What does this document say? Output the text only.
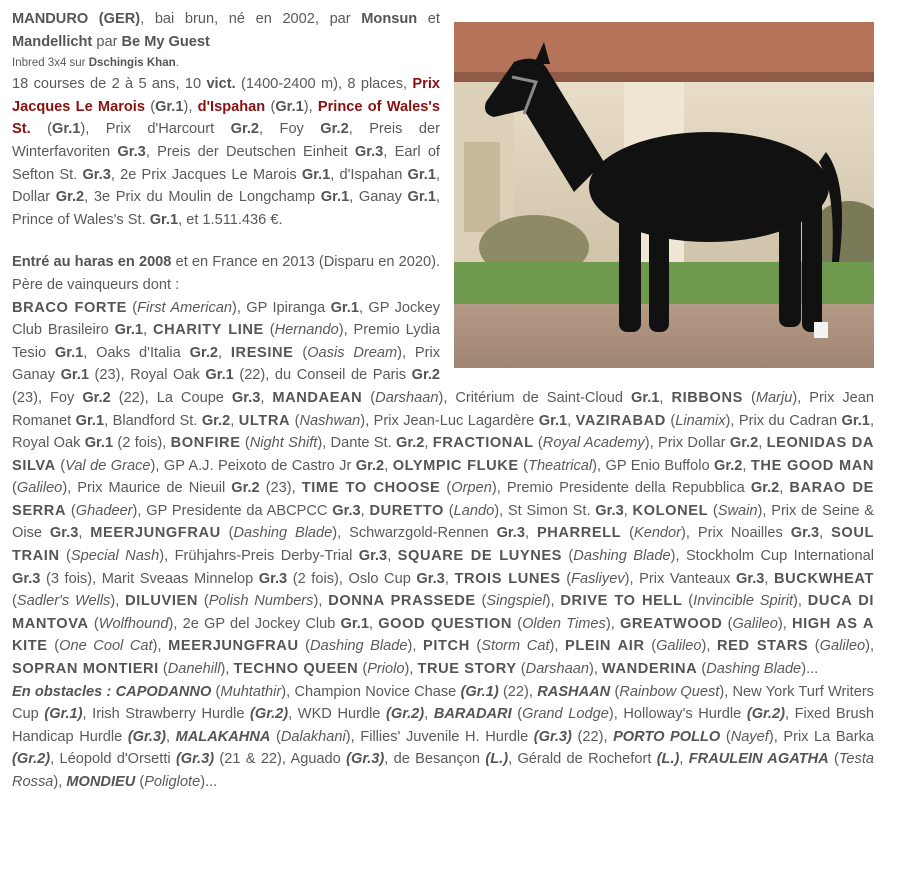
MANDURO (GER), bai brun, né en 2002, par Monsun et Mandellicht par Be My Guest

Inbred 3x4 sur Dschingis Khan.

18 courses de 2 à 5 ans, 10 vict. (1400-2400 m), 8 places, Prix Jacques Le Marois (Gr.1), d'Ispahan (Gr.1), Prince of Wales's St. (Gr.1), Prix d'Harcourt Gr.2, Foy Gr.2, Preis der Winterfavoriten Gr.3, Preis der Deutschen Einheit Gr.3, Earl of Sefton St. Gr.3, 2e Prix Jacques Le Marois Gr.1, d'Ispahan Gr.1, Dollar Gr.2, 3e Prix du Moulin de Longchamp Gr.1, Ganay Gr.1, Prince of Wales's St. Gr.1, et 1.511.436 €.

Entré au haras en 2008 et en France en 2013 (Disparu en 2020). Père de vainqueurs dont :

BRACO FORTE (First American), GP Ipiranga Gr.1, GP Jockey Club Brasileiro Gr.1, CHARITY LINE (Hernando), Premio Lydia Tesio Gr.1, Oaks d'Italia Gr.2, IRESINE (Oasis Dream), Prix Ganay Gr.1 (23), Royal Oak Gr.1 (22), du Conseil de Paris Gr.2 (23), Foy Gr.2 (22), La Coupe Gr.3, MANDAEAN (Darshaan), Critérium de Saint-Cloud Gr.1, RIBBONS (Marju), Prix Jean Romanet Gr.1, Blandford St. Gr.2, ULTRA (Nashwan), Prix Jean-Luc Lagardère Gr.1, VAZIRABAD (Linamix), Prix du Cadran Gr.1, Royal Oak Gr.1 (2 fois), BONFIRE (Night Shift), Dante St. Gr.2, FRACTIONAL (Royal Academy), Prix Dollar Gr.2, LEONIDAS DA SILVA (Val de Grace), GP A.J. Peixoto de Castro Jr Gr.2, OLYMPIC FLUKE (Theatrical), GP Enio Buffolo Gr.2, THE GOOD MAN (Galileo), Prix Maurice de Nieuil Gr.2 (23), TIME TO CHOOSE (Orpen), Premio Presidente della Repubblica Gr.2, BARAO DE SERRA (Ghadeer), GP Presidente da ABCPCC Gr.3, DURETTO (Lando), St Simon St. Gr.3, KOLONEL (Swain), Prix de Seine & Oise Gr.3, MEERJUNGFRAU (Dashing Blade), Schwarzgold-Rennen Gr.3, PHARRELL (Kendor), Prix Noailles Gr.3, SOUL TRAIN (Special Nash), Frühjahrs-Preis Derby-Trial Gr.3, SQUARE DE LUYNES (Dashing Blade), Stockholm Cup International Gr.3 (3 fois), Marit Sveaas Minnelop Gr.3 (2 fois), Oslo Cup Gr.3, TROIS LUNES (Fasliyev), Prix Vanteaux Gr.3, BUCKWHEAT (Sadler's Wells), DILUVIEN (Polish Numbers), DONNA PRASSEDE (Singspiel), DRIVE TO HELL (Invincible Spirit), DUCA DI MANTOVA (Wolfhound), 2e GP del Jockey Club Gr.1, GOOD QUESTION (Olden Times), GREATWOOD (Galileo), HIGH AS A KITE (One Cool Cat), MEERJUNGFRAU (Dashing Blade), PITCH (Storm Cat), PLEIN AIR (Galileo), RED STARS (Galileo), SOPRAN MONTIERI (Danehill), TECHNO QUEEN (Priolo), TRUE STORY (Darshaan), WANDERINA (Dashing Blade)...

En obstacles : CAPODANNO (Muhtathir), Champion Novice Chase (Gr.1) (22), RASHAAN (Rainbow Quest), New York Turf Writers Cup (Gr.1), Irish Strawberry Hurdle (Gr.2), WKD Hurdle (Gr.2), BARADARI (Grand Lodge), Holloway's Hurdle (Gr.2), Fixed Brush Handicap Hurdle (Gr.3), MALAKAHNA (Dalakhani), Fillies' Juvenile H. Hurdle (Gr.3) (22), PORTO POLLO (Nayef), Prix La Barka (Gr.2), Léopold d'Orsetti (Gr.3) (21 & 22), Aguado (Gr.3), de Besançon (L.), Gérald de Rochefort (L.), FRAULEIN AGATHA (Testa Rossa), MONDIEU (Poliglote)...
